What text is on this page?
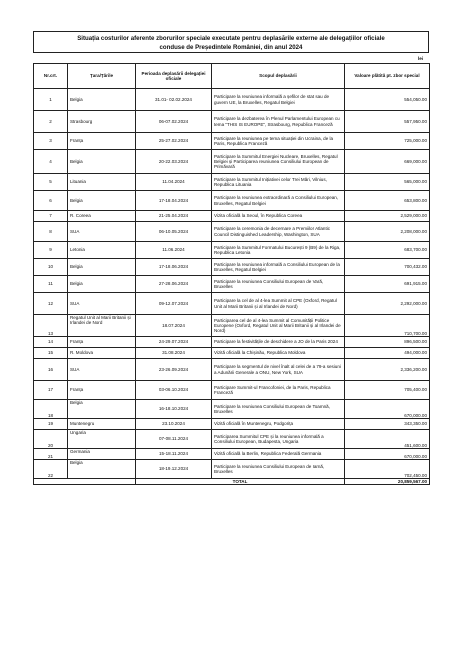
Situația costurilor aferente zborurilor speciale executate pentru deplasările externe ale delegațiilor oficiale
conduse de Președintele României, din anul 2024
lei
Nr.crt.	Țara/Țările	Perioada deplasării delegației oficiale	Scopul deplasării	Valoare plătită pt. zbor special
1	Belgia	31.01- 02.02.2024	Participare la reuniunea informală a șefilor de stat sau de guvern UE, la Bruxelles, Regatul Belgiei	554,050.00
2	Strasbourg	06-07.02.2024	Participare la dezbaterea în Plenul Parlamentului European cu tema "THIS IS EUROPE", Strasbourg, Republica Franceză	557,950.00
3	Franța	25-27.02.2024	Participare la reuniunea pe tema situației din Ucraina, de la Paris, Republica Franceză	725,000.00
4	Belgia	20-22.03.2024	Participare la Summitul Energiei Nucleare, Bruxelles, Regatul Belgiei și Participarea reuniunea Consiliului European de Primăvară	669,000.00
5	Lituania	11.04.2024	Participare la Summitul Inițiativei celor Trei Mări, Vilnius, Republica Lituania	565,000.00
6	Belgia	17-18.04.2024	Participare la reuniunea extraordinară a Consiliului European, Bruxelles, Regatul Belgiei	653,800.00
7	R. Coreea	21-25.04.2024	Vizita oficială la Seoul, în Republica Coreea	2,529,000.00
8	SUA	06-10.05.2024	Participare la ceremonia de decernare a Premiilor Atlantic Council Distinguished Leadership, Washington, SUA	2,208,000.00
9	Letonia	11.06.2024	Participare la Summitul Formatului București 9 (B9) de la Riga, Republica Letonia	683,700.00
10	Belgia	17-18.06.2024	Participare la reuniunea informală a Consiliului European de la Bruxelles, Regatul Belgiei	700,432.00
11	Belgia	27-28.06.2024	Participare la reuniunea Consiliului European de Vară, Bruxelles	691,915.00
12	SUA	09-12.07.2024	Participare la cel de al 4-lea Summit al CPE (Oxford, Regatul Unit al Marii Britanii și al Irlandei de Nord)	2,292,000.00
13	Regatul Unit al Marii Britanii și Irlandei de Nord	18.07.2024	Participarea cel de al 4-lea Summit al Comunității Politice Europene (Oxford, Regatul Unit al Marii Britanii și al Irlandei de Nord)	710,700.00
14	Franța	24-29.07.2024	Participare la festivitățile de deschidere a JO de la Paris 2024	896,500.00
15	R. Moldova	31.08.2024	Vizită oficială la Chișinău, Republica Moldova	494,000.00
16	SUA	23-26.09.2024	Participare la segmentul de nivel înalt al celei de a 79-a sesiuni a Adunării Generale a ONU, New York, SUA	2,336,200.00
17	Franța	03-06.10.2024	Participare Summit-ul Francofoniei, de la Paris, Republica Franceză	705,400.00
18	Belgia	16-18.10.2024	Participare la reuniunea Consiliului European de Toamnă, Bruxelles	670,000.00
19	Muntenegru	23.10.2024	Vizită oficială în Muntenegru, Podgorița	343,350.00
20	Ungaria	07-08.11.2024	Participarea Summitul CPE și la reuniunea informală a Consiliului European, Budapesta, Ungaria	451,600.00
21	Germania	15-18.11.2024	Vizită oficială la Berlin, Republica Federală Germania	670,000.00
22	Belgia	18-19.12.2024	Participare la reuniunea Consiliului European de Iarnă, Bruxelles	702,450.00
		TOTAL		20,859,567.00
